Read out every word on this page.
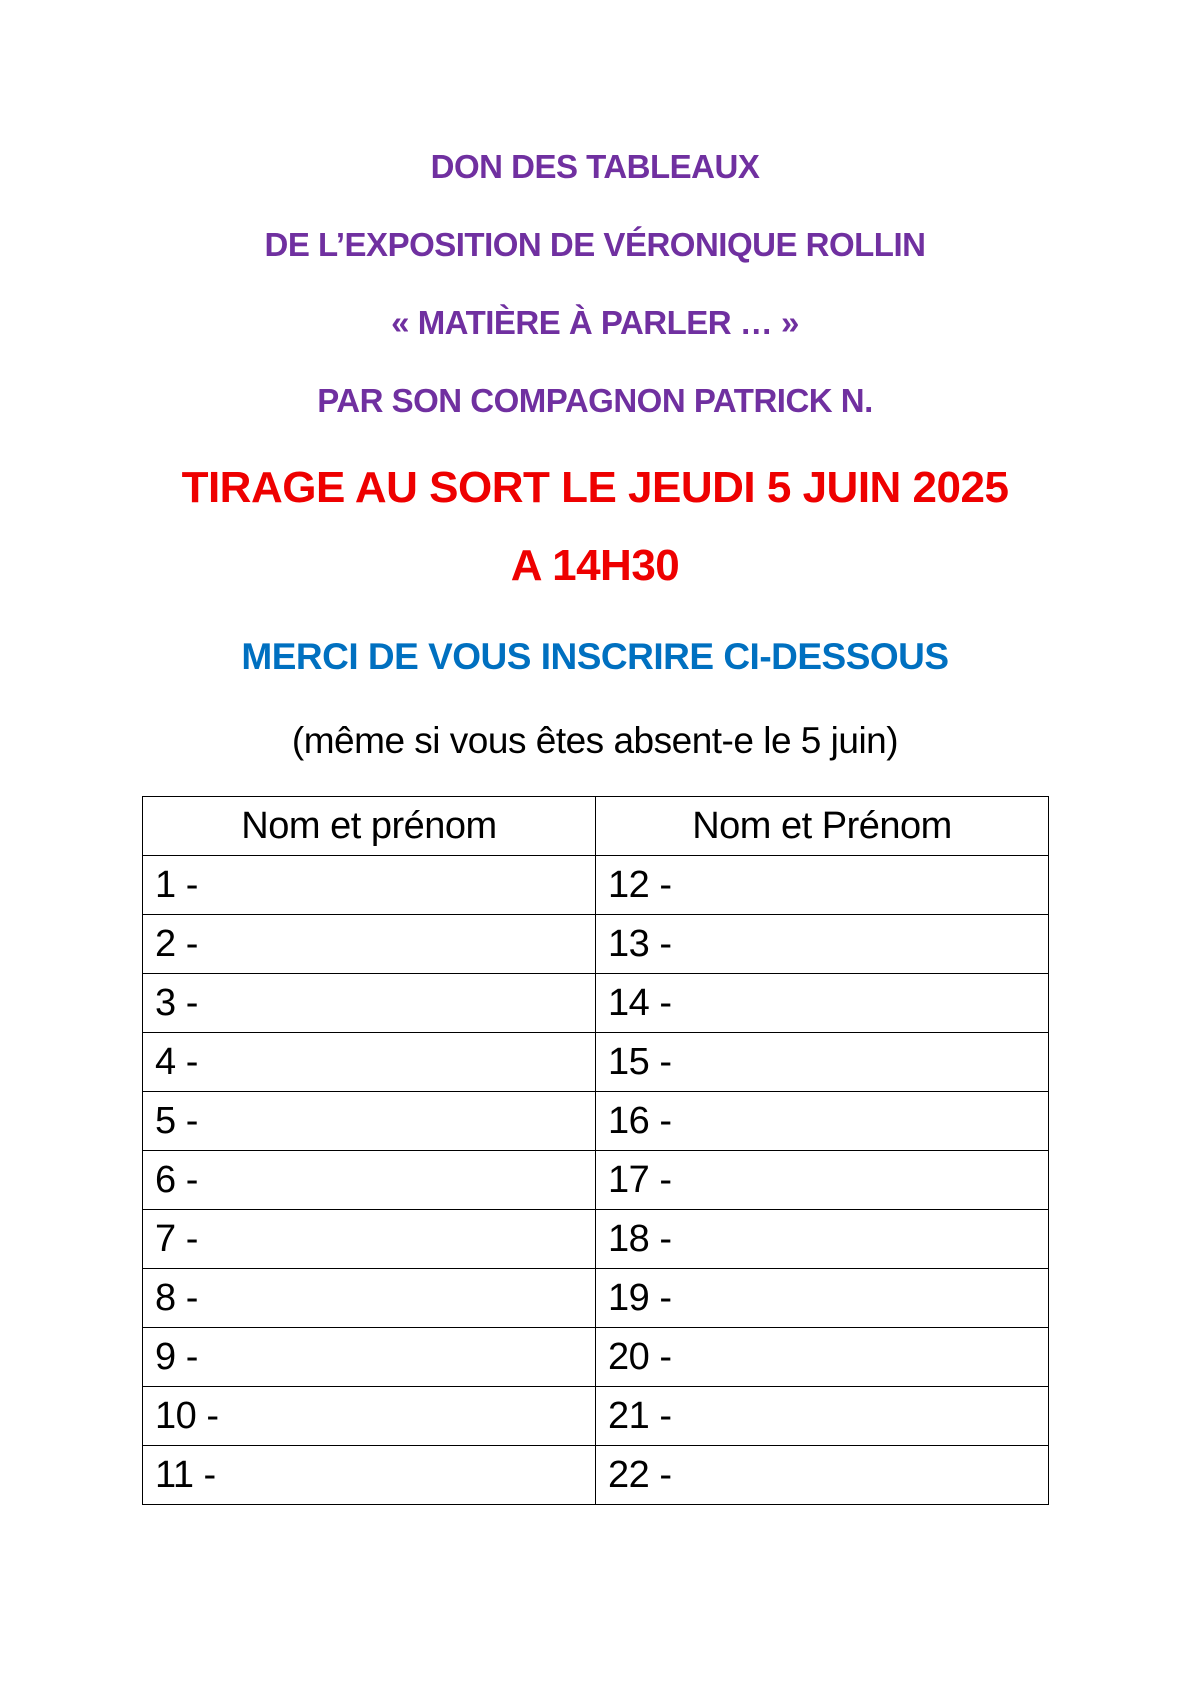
DON DES TABLEAUX
DE L’EXPOSITION DE VÉRONIQUE ROLLIN
« MATIÈRE À PARLER … »
PAR SON COMPAGNON PATRICK N.
TIRAGE AU SORT LE JEUDI 5 JUIN 2025
A 14H30
MERCI DE VOUS INSCRIRE CI-DESSOUS
(même si vous êtes absent-e le 5 juin)
Nom et prénom	Nom et Prénom
1 -	12 -
2 -	13 -
3 -	14 -
4 -	15 -
5 -	16 -
6 -	17 -
7 -	18 -
8 -	19 -
9 -	20 -
10 -	21 -
11 -	22 -
